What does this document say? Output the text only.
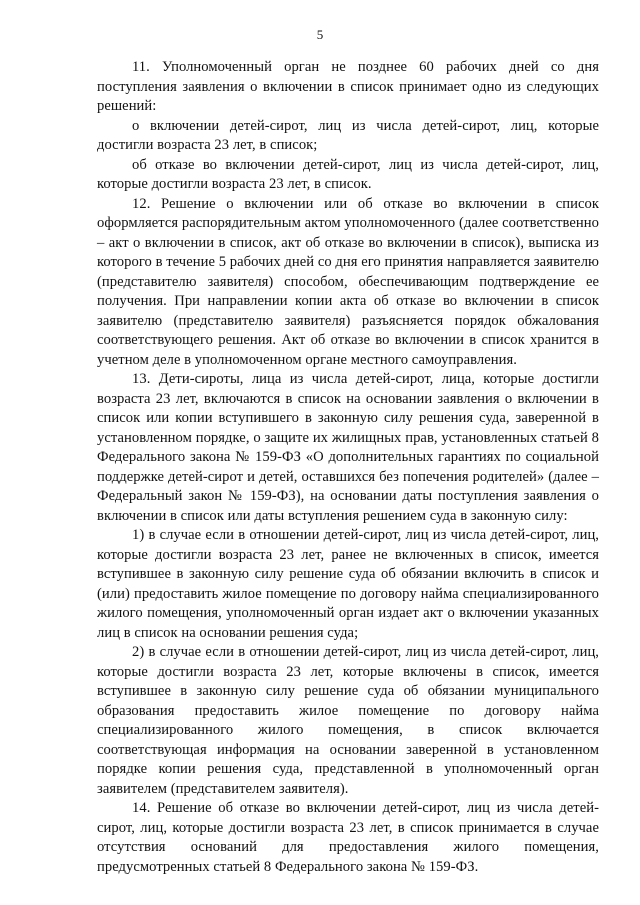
5

11. Уполномоченный орган не позднее 60 рабочих дней со дня поступления заявления о включении в список принимает одно из следующих решений:

о включении детей-сирот, лиц из числа детей-сирот, лиц, которые достигли возраста 23 лет, в список;

об отказе во включении детей-сирот, лиц из числа детей-сирот, лиц, которые достигли возраста 23 лет, в список.

12. Решение о включении или об отказе во включении в список оформляется распорядительным актом уполномоченного (далее соответственно – акт о включении в список, акт об отказе во включении в список), выписка из которого в течение 5 рабочих дней со дня его принятия направляется заявителю (представителю заявителя) способом, обеспечивающим подтверждение ее получения. При направлении копии акта об отказе во включении в список заявителю (представителю заявителя) разъясняется порядок обжалования соответствующего решения. Акт об отказе во включении в список хранится в учетном деле в уполномоченном органе местного самоуправления.

13. Дети-сироты, лица из числа детей-сирот, лица, которые достигли возраста 23 лет, включаются в список на основании заявления о включении в список или копии вступившего в законную силу решения суда, заверенной в установленном порядке, о защите их жилищных прав, установленных статьей 8 Федерального закона № 159-ФЗ «О дополнительных гарантиях по социальной поддержке детей-сирот и детей, оставшихся без попечения родителей» (далее – Федеральный закон № 159-ФЗ), на основании даты поступления заявления о включении в список или даты вступления решением суда в законную силу:

1) в случае если в отношении детей-сирот, лиц из числа детей-сирот, лиц, которые достигли возраста 23 лет, ранее не включенных в список, имеется вступившее в законную силу решение суда об обязании включить в список и (или) предоставить жилое помещение по договору найма специализированного жилого помещения, уполномоченный орган издает акт о включении указанных лиц в список на основании решения суда;

2) в случае если в отношении детей-сирот, лиц из числа детей-сирот, лиц, которые достигли возраста 23 лет, которые включены в список, имеется вступившее в законную силу решение суда об обязании муниципального образования предоставить жилое помещение по договору найма специализированного жилого помещения, в список включается соответствующая информация на основании заверенной в установленном порядке копии решения суда, представленной в уполномоченный орган заявителем (представителем заявителя).

14. Решение об отказе во включении детей-сирот, лиц из числа детей-сирот, лиц, которые достигли возраста 23 лет, в список принимается в случае отсутствия оснований для предоставления жилого помещения, предусмотренных статьей 8 Федерального закона № 159-ФЗ.
